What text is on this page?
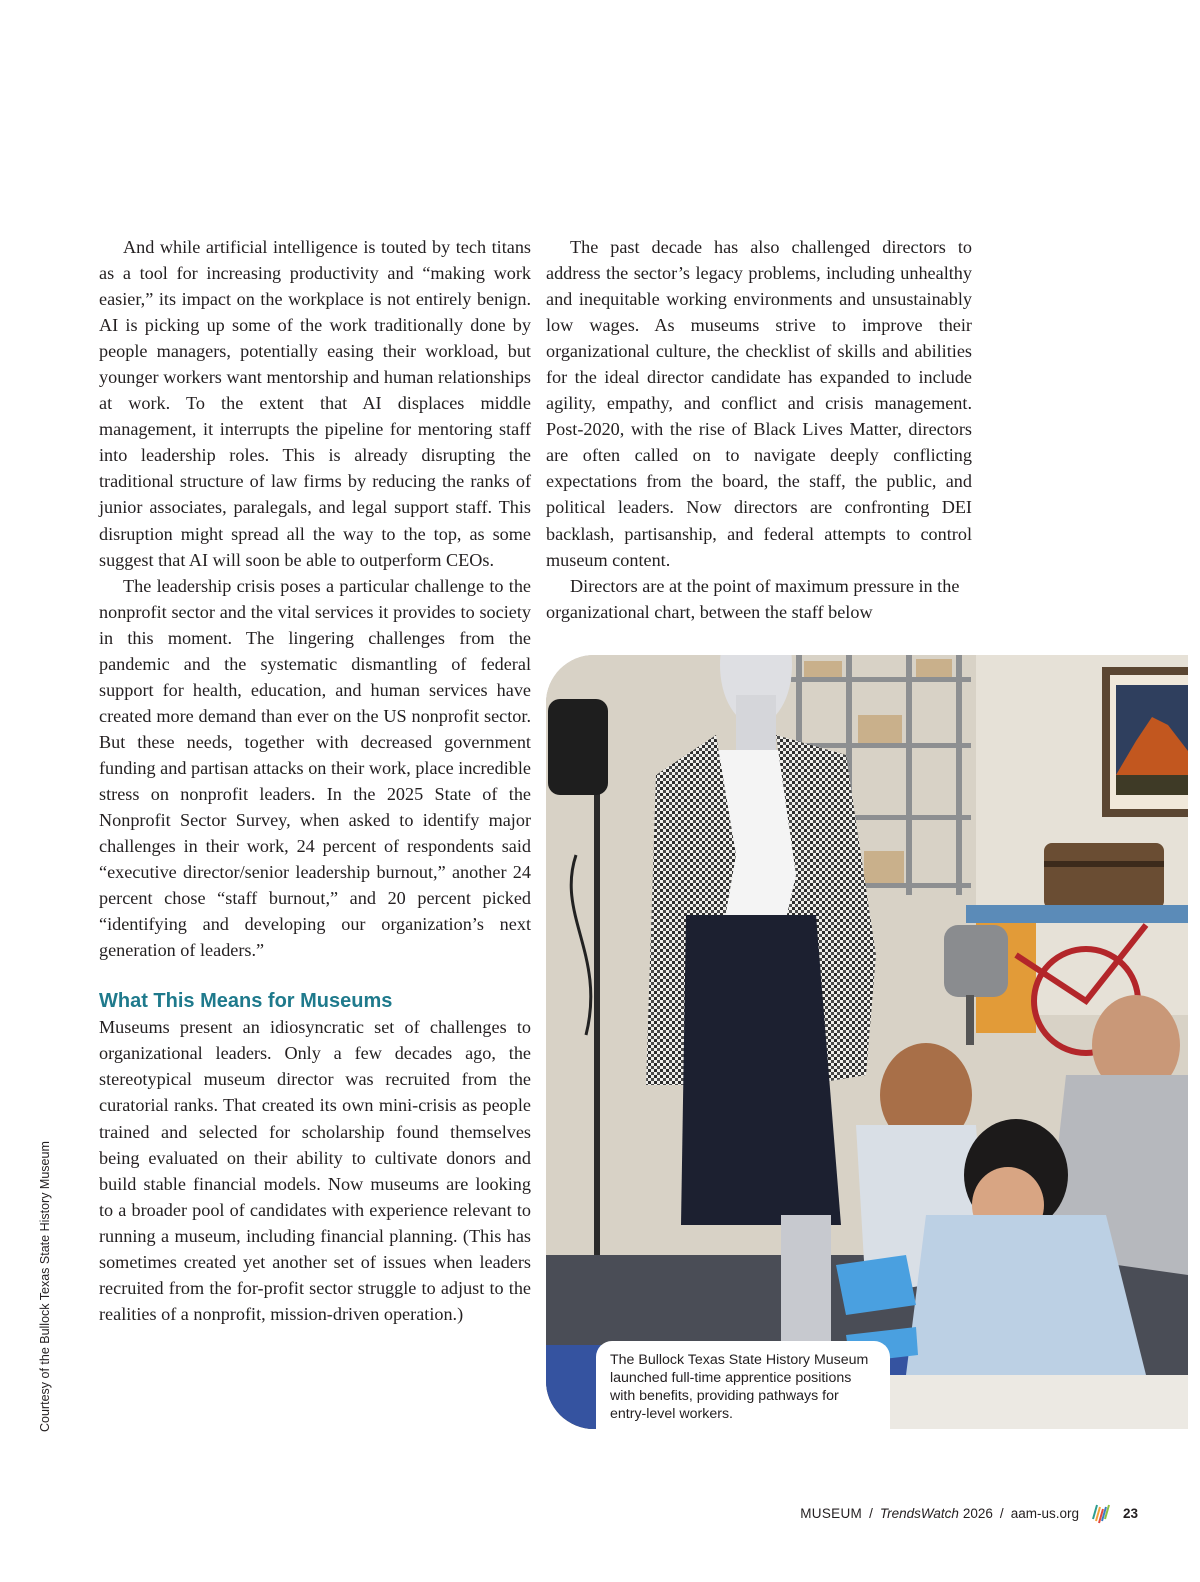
And while artificial intelligence is touted by tech titans as a tool for increasing productivity and “making work easier,” its impact on the workplace is not entirely benign. AI is picking up some of the work traditionally done by people managers, potentially easing their workload, but younger workers want mentorship and human relationships at work. To the extent that AI displaces middle management, it interrupts the pipeline for mentoring staff into leadership roles. This is already disrupting the traditional structure of law firms by reducing the ranks of junior associates, paralegals, and legal support staff. This disruption might spread all the way to the top, as some suggest that AI will soon be able to outperform CEOs.

The leadership crisis poses a particular challenge to the nonprofit sector and the vital services it provides to society in this moment. The lingering challenges from the pandemic and the systematic dismantling of federal support for health, education, and human services have created more demand than ever on the US nonprofit sector. But these needs, together with decreased government funding and partisan attacks on their work, place incredible stress on nonprofit leaders. In the 2025 State of the Nonprofit Sector Survey, when asked to identify major challenges in their work, 24 percent of respondents said “executive director/senior leadership burnout,” another 24 percent chose “staff burnout,” and 20 percent picked “identifying and developing our organization’s next generation of leaders.”

What This Means for Museums

Museums present an idiosyncratic set of challenges to organizational leaders. Only a few decades ago, the stereotypical museum director was recruited from the curatorial ranks. That created its own mini-crisis as people trained and selected for scholarship found themselves being evaluated on their ability to cultivate donors and build stable financial models. Now museums are looking to a broader pool of candidates with experience relevant to running a museum, including financial planning. (This has sometimes created yet another set of issues when leaders recruited from the for-profit sector struggle to adjust to the realities of a nonprofit, mission-driven operation.)

The past decade has also challenged directors to address the sector’s legacy problems, including unhealthy and inequitable working environments and unsustainably low wages. As museums strive to improve their organizational culture, the checklist of skills and abilities for the ideal director candidate has expanded to include agility, empathy, and conflict and crisis management. Post-2020, with the rise of Black Lives Matter, directors are often called on to navigate deeply conflicting expectations from the board, the staff, the public, and political leaders. Now directors are confronting DEI backlash, partisanship, and federal attempts to control museum content.

Directors are at the point of maximum pressure in the organizational chart, between the staff below

The Bullock Texas State History Museum launched full-time apprentice positions with benefits, providing pathways for entry-level workers.
Courtesy of the Bullock Texas State History Museum
MUSEUM / TrendsWatch 2026 / aam-us.org	23
